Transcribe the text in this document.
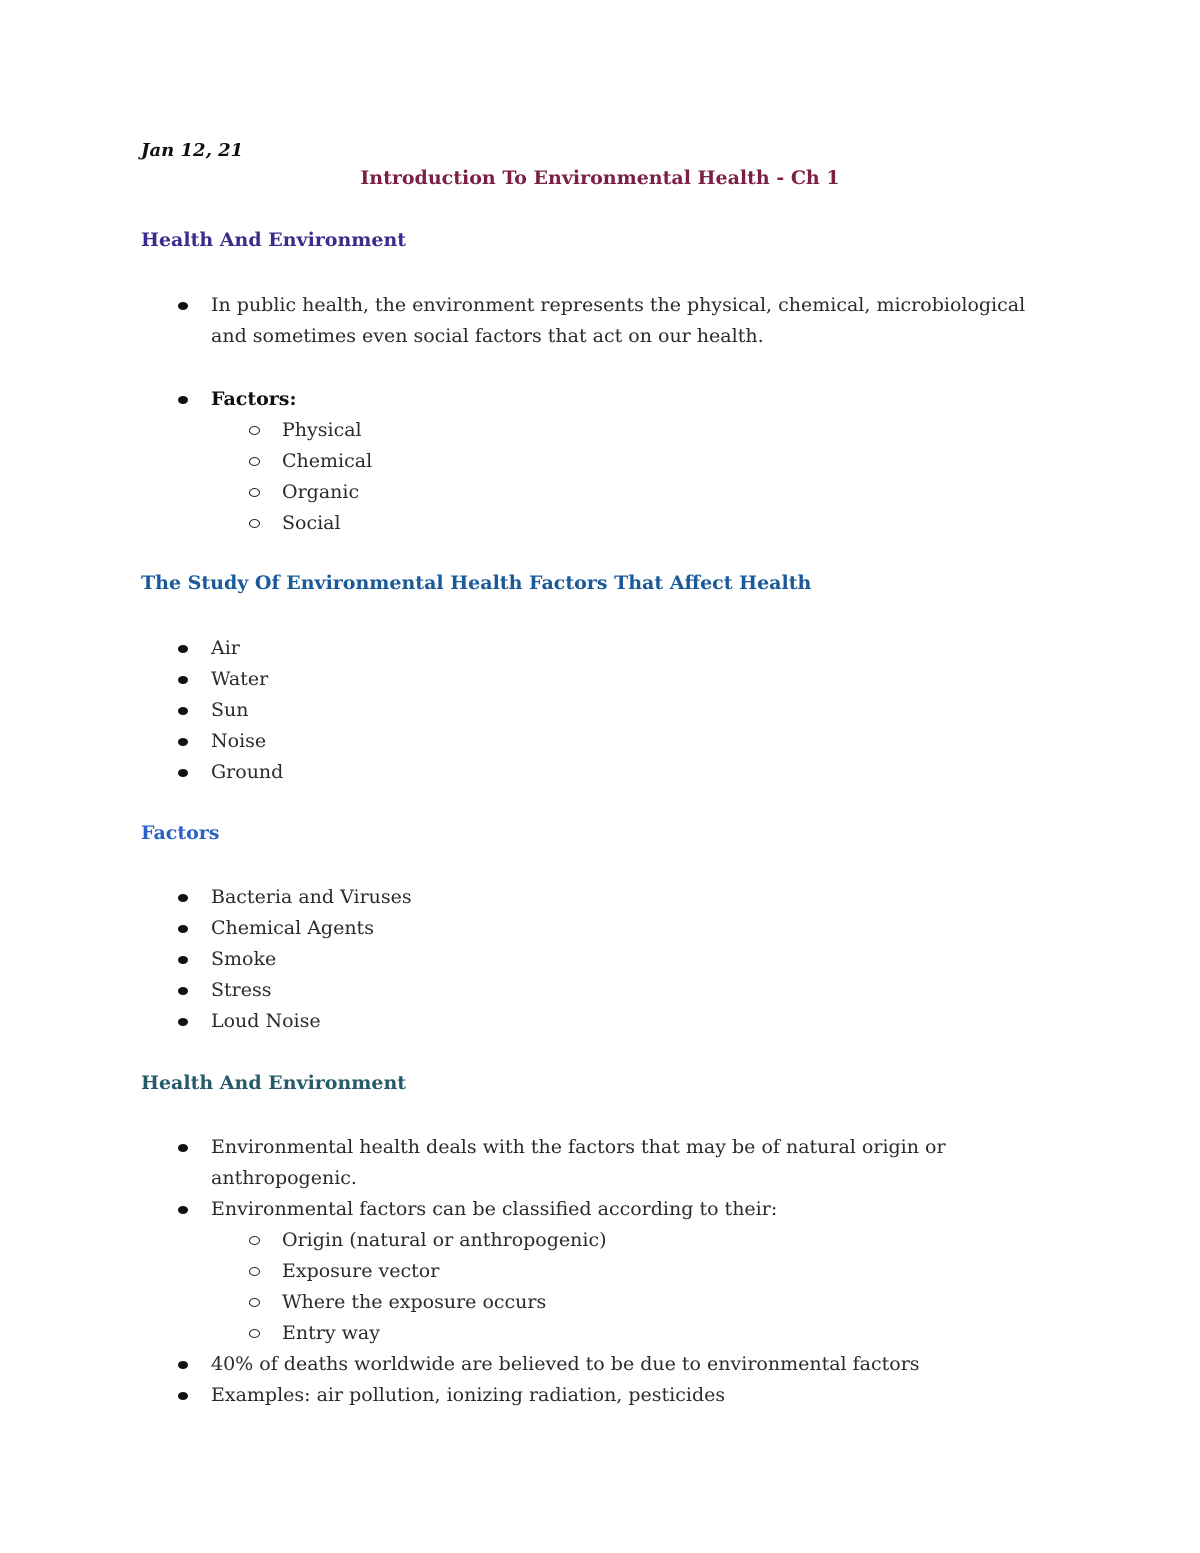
Jan 12, 21

Introduction To Environmental Health - Ch 1

Health And Environment

In public health, the environment represents the physical, chemical, microbiological and sometimes even social factors that act on our health.
Factors:
Physical
Chemical
Organic
Social

The Study Of Environmental Health Factors That Affect Health

Air
Water
Sun
Noise
Ground

Factors

Bacteria and Viruses
Chemical Agents
Smoke
Stress
Loud Noise

Health And Environment

Environmental health deals with the factors that may be of natural origin or anthropogenic.
Environmental factors can be classified according to their:
Origin (natural or anthropogenic)
Exposure vector
Where the exposure occurs
Entry way
40% of deaths worldwide are believed to be due to environmental factors
Examples: air pollution, ionizing radiation, pesticides
